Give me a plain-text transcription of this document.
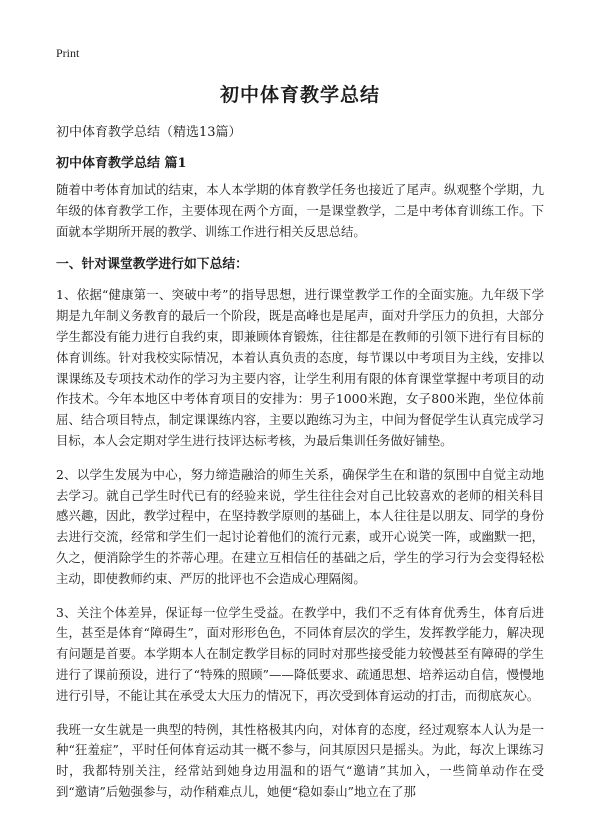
Print
初中体育教学总结

初中体育教学总结（精选13篇）

初中体育教学总结 篇1

随着中考体育加试的结束，本人本学期的体育教学任务也接近了尾声。纵观整个学期，九年级的体育教学工作，主要体现在两个方面，一是课堂教学，二是中考体育训练工作。下面就本学期所开展的教学、训练工作进行相关反思总结。

一、针对课堂教学进行如下总结：

1、依据“健康第一、突破中考”的指导思想，进行课堂教学工作的全面实施。九年级下学期是九年制义务教育的最后一个阶段，既是高峰也是尾声，面对升学压力的负担，大部分学生都没有能力进行自我约束，即兼顾体育锻炼，往往都是在教师的引领下进行有目标的体育训练。针对我校实际情况，本着认真负责的态度，每节课以中考项目为主线，安排以课课练及专项技术动作的学习为主要内容，让学生利用有限的体育课堂掌握中考项目的动作技术。今年本地区中考体育项目的安排为：男子1000米跑，女子800米跑，坐位体前屈、结合项目特点，制定课课练内容，主要以跑练习为主，中间为督促学生认真完成学习目标，本人会定期对学生进行技评达标考核，为最后集训任务做好铺垫。

2、以学生发展为中心，努力缔造融洽的师生关系，确保学生在和谐的氛围中自觉主动地去学习。就自己学生时代已有的经验来说，学生往往会对自己比较喜欢的老师的相关科目感兴趣，因此，教学过程中，在坚持教学原则的基础上，本人往往是以朋友、同学的身份去进行交流，经常和学生们一起讨论着他们的流行元素，或开心说笑一阵，或幽默一把，久之，便消除学生的芥蒂心理。在建立互相信任的基础之后，学生的学习行为会变得轻松主动，即使教师约束、严厉的批评也不会造成心理隔阂。

3、关注个体差异，保证每一位学生受益。在教学中，我们不乏有体育优秀生，体育后进生，甚至是体育“障碍生”，面对形形色色，不同体育层次的学生，发挥教学能力，解决现有问题是首要。本学期本人在制定教学目标的同时对那些接受能力较慢甚至有障碍的学生进行了课前预设，进行了“特殊的照顾”——降低要求、疏通思想、培养运动自信，慢慢地进行引导，不能让其在承受太大压力的情况下，再次受到体育运动的打击，而彻底灰心。

我班一女生就是一典型的特例，其性格极其内向，对体育的态度，经过观察本人认为是一种“狂羞症”，平时任何体育运动其一概不参与，问其原因只是摇头。为此，每次上课练习时，我都特别关注，经常站到她身边用温和的语气“邀请”其加入，一些简单动作在受到“邀请”后勉强参与，动作稍难点儿，她便“稳如泰山”地立在了那
